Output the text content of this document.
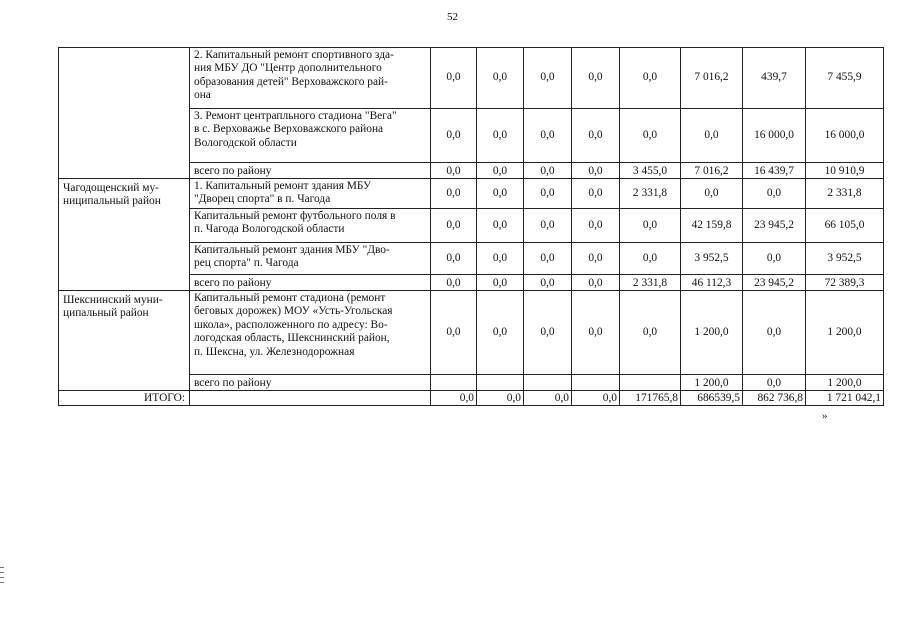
52
	2. Капитальный ремонт спортивного зда-
ния МБУ ДО "Центр дополнительного
образования детей" Верховажского рай-
она	0,0	0,0	0,0	0,0	0,0	7 016,2	439,7	7 455,9
	3. Ремонт центрапльного стадиона "Вега"
в с. Верховажье Верховажского района
Вологодской области	0,0	0,0	0,0	0,0	0,0	0,0	16 000,0	16 000,0
	всего по району	0,0	0,0	0,0	0,0	3 455,0	7 016,2	16 439,7	10 910,9
Чагодощенский му-
ниципальный район	1. Капитальный ремонт здания МБУ
"Дворец спорта" в п. Чагода	0,0	0,0	0,0	0,0	2 331,8	0,0	0,0	2 331,8
	Капитальный ремонт футбольного поля в
п. Чагода Вологодской области	0,0	0,0	0,0	0,0	0,0	42 159,8	23 945,2	66 105,0
	Капитальный ремонт здания МБУ "Дво-
рец спорта" п. Чагода	0,0	0,0	0,0	0,0	0,0	3 952,5	0,0	3 952,5
	всего по району	0,0	0,0	0,0	0,0	2 331,8	46 112,3	23 945,2	72 389,3
Шекснинский муни-
ципальный район	Капитальный ремонт стадиона (ремонт
беговых дорожек) МОУ «Усть-Угольская
школа», расположенного по адресу: Во-
логодская область, Шекснинский район,
п. Шексна, ул. Железнодорожная	0,0	0,0	0,0	0,0	0,0	1 200,0	0,0	1 200,0
	всего по району						1 200,0	0,0	1 200,0
ИТОГО:		0,0	0,0	0,0	0,0	171765,8	686539,5	862 736,8	1 721 042,1
»
